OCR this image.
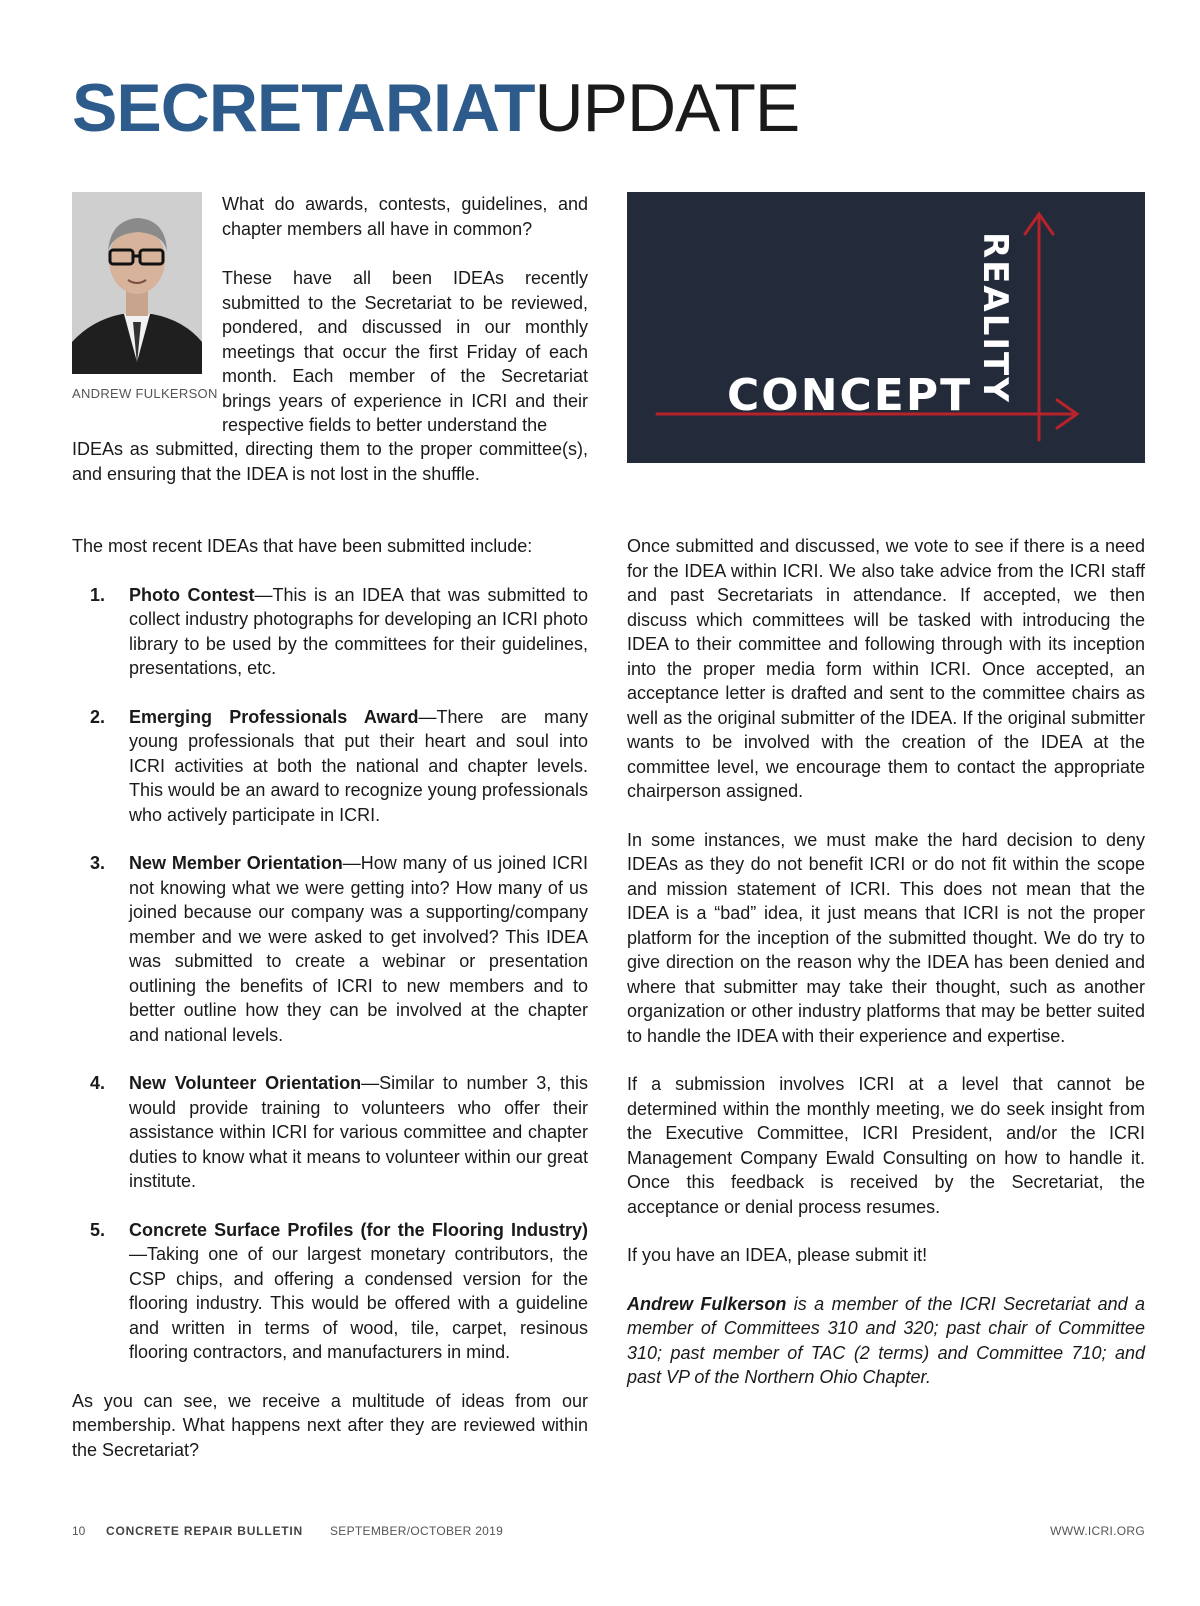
SECRETARIATUPDATE
ANDREW FULKERSON

What do awards, contests, guidelines, and chapter members all have in common?

These have all been IDEAs recently submitted to the Secretariat to be reviewed, pondered, and discussed in our monthly meetings that occur the first Friday of each month. Each member of the Secretariat brings years of experience in ICRI and their respective fields to better understand the

IDEAs as submitted, directing them to the proper committee(s), and ensuring that the IDEA is not lost in the shuffle.

CONCEPT REALITY

The most recent IDEAs that have been submitted include:

1. Photo Contest—This is an IDEA that was submitted to collect industry photographs for developing an ICRI photo library to be used by the committees for their guidelines, presentations, etc.
2. Emerging Professionals Award—There are many young professionals that put their heart and soul into ICRI activities at both the national and chapter levels. This would be an award to recognize young professionals who actively participate in ICRI.
3. New Member Orientation—How many of us joined ICRI not knowing what we were getting into? How many of us joined because our company was a supporting/company member and we were asked to get involved? This IDEA was submitted to create a webinar or presentation outlining the benefits of ICRI to new members and to better outline how they can be involved at the chapter and national levels.
4. New Volunteer Orientation—Similar to number 3, this would provide training to volunteers who offer their assistance within ICRI for various committee and chapter duties to know what it means to volunteer within our great institute.
5. Concrete Surface Profiles (for the Flooring Industry)—Taking one of our largest monetary contributors, the CSP chips, and offering a condensed version for the flooring industry. This would be offered with a guideline and written in terms of wood, tile, carpet, resinous flooring contractors, and manufacturers in mind.

As you can see, we receive a multitude of ideas from our membership. What happens next after they are reviewed within the Secretariat?

Once submitted and discussed, we vote to see if there is a need for the IDEA within ICRI. We also take advice from the ICRI staff and past Secretariats in attendance. If accepted, we then discuss which committees will be tasked with introducing the IDEA to their committee and following through with its inception into the proper media form within ICRI. Once accepted, an acceptance letter is drafted and sent to the committee chairs as well as the original submitter of the IDEA. If the original submitter wants to be involved with the creation of the IDEA at the committee level, we encourage them to contact the appropriate chairperson assigned.

In some instances, we must make the hard decision to deny IDEAs as they do not benefit ICRI or do not fit within the scope and mission statement of ICRI. This does not mean that the IDEA is a “bad” idea, it just means that ICRI is not the proper platform for the inception of the submitted thought. We do try to give direction on the reason why the IDEA has been denied and where that submitter may take their thought, such as another organization or other industry platforms that may be better suited to handle the IDEA with their experience and expertise.

If a submission involves ICRI at a level that cannot be determined within the monthly meeting, we do seek insight from the Executive Committee, ICRI President, and/or the ICRI Management Company Ewald Consulting on how to handle it. Once this feedback is received by the Secretariat, the acceptance or denial process resumes.

If you have an IDEA, please submit it!

Andrew Fulkerson is a member of the ICRI Secretariat and a member of Committees 310 and 320; past chair of Committee 310; past member of TAC (2 terms) and Committee 710; and past VP of the Northern Ohio Chapter.

10 CONCRETE REPAIR BULLETIN SEPTEMBER/OCTOBER 2019	WWW.ICRI.ORG
